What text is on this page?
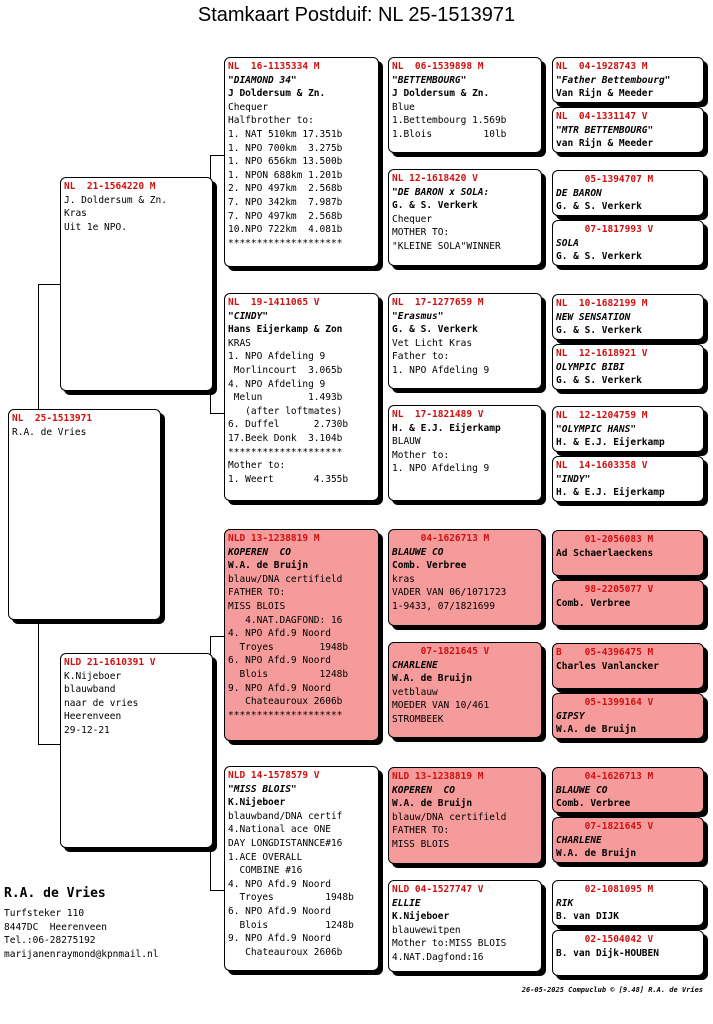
Stamkaart Postduif: NL 25-1513971
NL  25-1513971
R.A. de Vries
NL  21-1564220 M
J. Doldersum & Zn.
Kras
Uit 1e NPO.
NLD 21-1610391 V
K.Nijeboer
blauwband
naar de vries
Heerenveen
29-12-21
NL  16-1135334 M
"DIAMOND 34"
J Doldersum & Zn.
Chequer
Halfbrother to:
1. NAT 510km 17.351b
1. NPO 700km  3.275b
1. NPO 656km 13.500b
1. NPON 688km 1.201b
2. NPO 497km  2.568b
7. NPO 342km  7.987b
7. NPO 497km  2.568b
10.NPO 722km  4.081b
********************
NL  19-1411065 V
"CINDY"
Hans Eijerkamp & Zon
KRAS
1. NPO Afdeling 9
Morlincourt  3.065b
4. NPO Afdeling 9
Melun        1.493b
(after loftmates)
6. Duffel      2.730b
17.Beek Donk  3.104b
********************
Mother to:
1. Weert       4.355b
NLD 13-1238819 M
KOPEREN  CO
W.A. de Bruijn
blauw/DNA certifield
FATHER TO:
MISS BLOIS
4.NAT.DAGFOND: 16
4. NPO Afd.9 Noord
Troyes        1948b
6. NPO Afd.9 Noord
Blois         1248b
9. NPO Afd.9 Noord
Chateauroux 2606b
********************
NLD 14-1578579 V
"MISS BLOIS"
K.Nijeboer
blauwband/DNA certif
4.National ace ONE
DAY LONGDISTANNCE#16
1.ACE OVERALL
COMBINE #16
4. NPO Afd.9 Noord
Troyes         1948b
6. NPO Afd.9 Noord
Blois          1248b
9. NPO Afd.9 Noord
Chateauroux 2606b
NL  06-1539898 M
"BETTEMBOURG"
J Doldersum & Zn.
Blue
1.Bettembourg 1.569b
1.Blois         10lb
NL 12-1618420 V
"DE BARON x SOLA:
G. & S. Verkerk
Chequer
MOTHER TO:
"KLEINE SOLA"WINNER
NL  17-1277659 M
"Erasmus"
G. & S. Verkerk
Vet Licht Kras
Father to:
1. NPO Afdeling 9
NL  17-1821489 V
H. & E.J. Eijerkamp
BLAUW
Mother to:
1. NPO Afdeling 9
04-1626713 M
BLAUWE CO
Comb. Verbree
kras
VADER VAN 06/1071723
1-9433, 07/1821699
07-1821645 V
CHARLENE
W.A. de Bruijn
vetblauw
MOEDER VAN 10/461
STROMBEEK
NLD 13-1238819 M
KOPEREN  CO
W.A. de Bruijn
blauw/DNA certifield
FATHER TO:
MISS BLOIS
NLD 04-1527747 V
ELLIE
K.Nijeboer
blauwewitpen
Mother to:MISS BLOIS
4.NAT.Dagfond:16
NL  04-1928743 M
"Father Bettembourg"
Van Rijn & Meeder
NL  04-1331147 V
"MTR BETTEMBOURG"
van Rijn & Meeder
05-1394707 M
DE BARON
G. & S. Verkerk
07-1817993 V
SOLA
G. & S. Verkerk
NL  10-1682199 M
NEW SENSATION
G. & S. Verkerk
NL  12-1618921 V
OLYMPIC BIBI
G. & S. Verkerk
NL  12-1204759 M
"OLYMPIC HANS"
H. & E.J. Eijerkamp
NL  14-1603358 V
"INDY"
H. & E.J. Eijerkamp
01-2056083 M
Ad Schaerlaeckens
98-2205077 V
Comb. Verbree
B    05-4396475 M
Charles Vanlancker
05-1399164 V
GIPSY
W.A. de Bruijn
04-1626713 M
BLAUWE CO
Comb. Verbree
07-1821645 V
CHARLENE
W.A. de Bruijn
02-1081095 M
RIK
B. van DIJK
02-1504042 V
B. van Dijk-HOUBEN
R.A. de Vries
Turfsteker 110
8447DC  Heerenveen
Tel.:06-28275192
marijanenraymond@kpnmail.nl
26-05-2025 Compuclub © [9.48] R.A. de Vries
